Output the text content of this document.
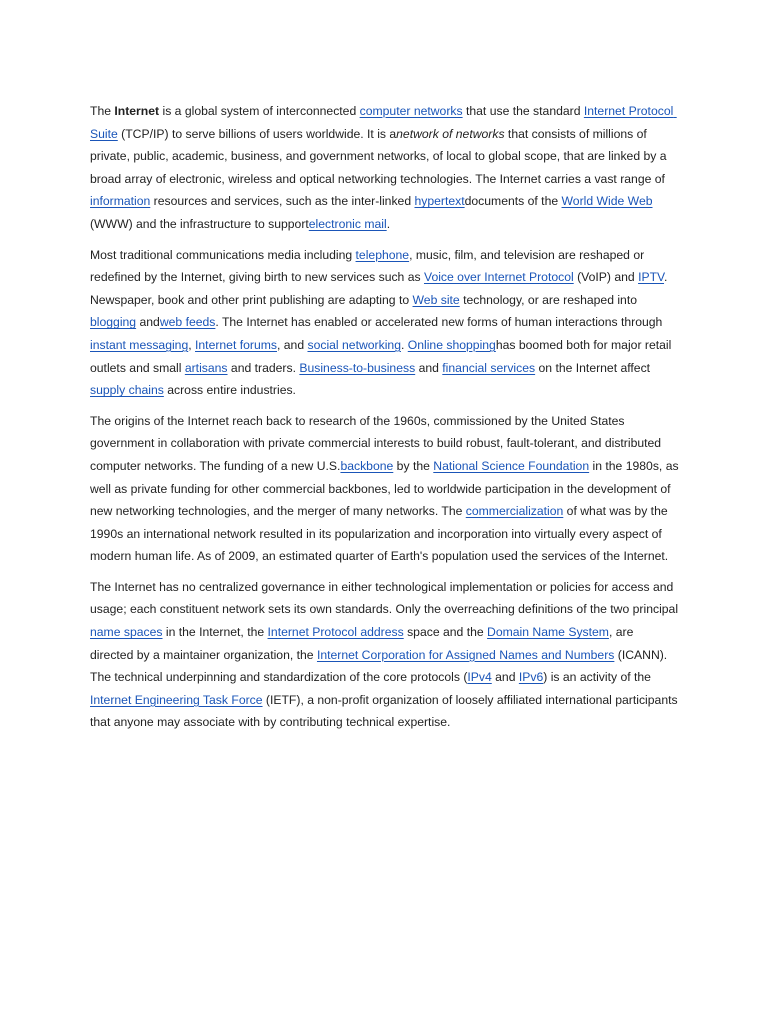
The Internet is a global system of interconnected computer networks that use the standard Internet Protocol Suite (TCP/IP) to serve billions of users worldwide. It is anetwork of networks that consists of millions of private, public, academic, business, and government networks, of local to global scope, that are linked by a broad array of electronic, wireless and optical networking technologies. The Internet carries a vast range of information resources and services, such as the inter-linked hypertextdocuments of the World Wide Web (WWW) and the infrastructure to supportelectronic mail.

Most traditional communications media including telephone, music, film, and television are reshaped or redefined by the Internet, giving birth to new services such as Voice over Internet Protocol (VoIP) and IPTV. Newspaper, book and other print publishing are adapting to Web site technology, or are reshaped into blogging andweb feeds. The Internet has enabled or accelerated new forms of human interactions through instant messaging, Internet forums, and social networking. Online shoppinghas boomed both for major retail outlets and small artisans and traders. Business-to-business and financial services on the Internet affect supply chains across entire industries.

The origins of the Internet reach back to research of the 1960s, commissioned by the United States government in collaboration with private commercial interests to build robust, fault-tolerant, and distributed computer networks. The funding of a new U.S.backbone by the National Science Foundation in the 1980s, as well as private funding for other commercial backbones, led to worldwide participation in the development of new networking technologies, and the merger of many networks. The commercialization of what was by the 1990s an international network resulted in its popularization and incorporation into virtually every aspect of modern human life. As of 2009, an estimated quarter of Earth's population used the services of the Internet.

The Internet has no centralized governance in either technological implementation or policies for access and usage; each constituent network sets its own standards. Only the overreaching definitions of the two principal name spaces in the Internet, the Internet Protocol address space and the Domain Name System, are directed by a maintainer organization, the Internet Corporation for Assigned Names and Numbers (ICANN). The technical underpinning and standardization of the core protocols (IPv4 and IPv6) is an activity of the Internet Engineering Task Force (IETF), a non-profit organization of loosely affiliated international participants that anyone may associate with by contributing technical expertise.
